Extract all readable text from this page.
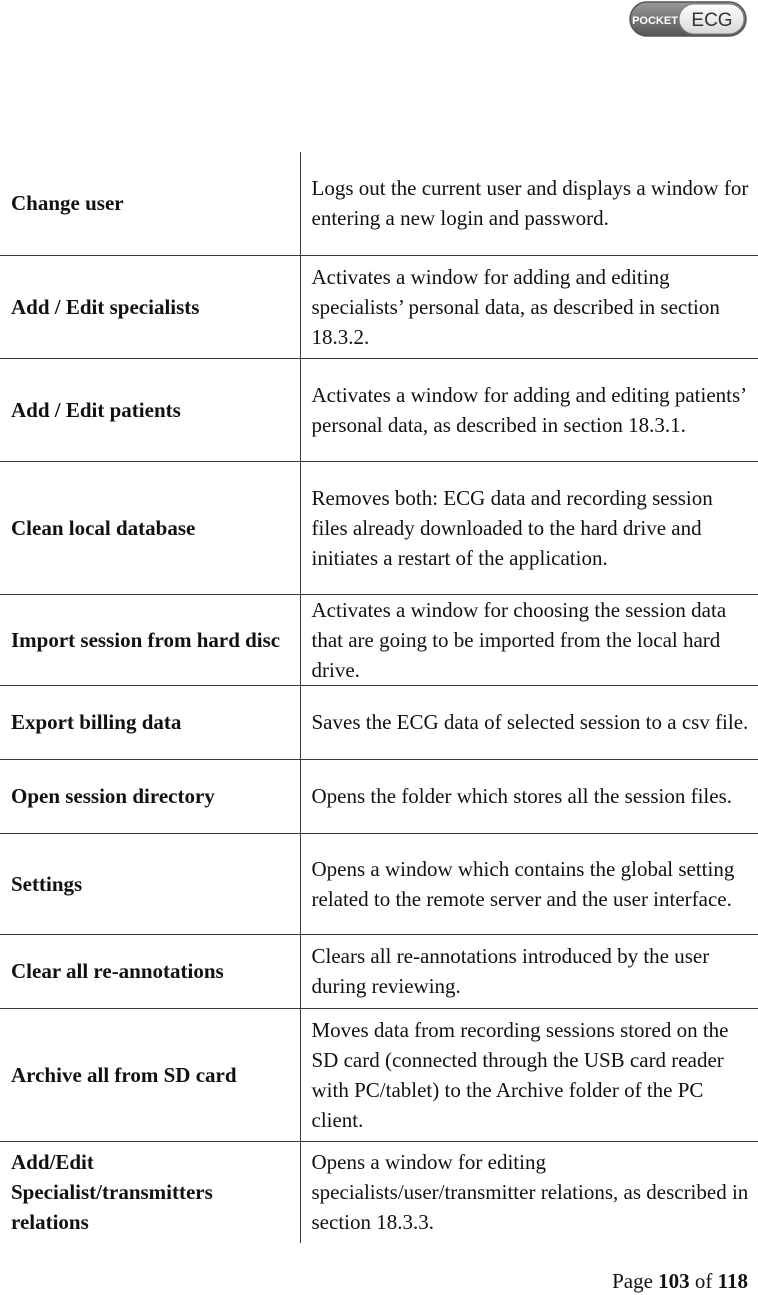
POCKET ECG
Change user	Logs out the current user and displays a window for entering a new login and password.
Add / Edit specialists	Activates a window for adding and editing specialists’ personal data, as described in section 18.3.2.
Add / Edit patients	Activates a window for adding and editing patients’ personal data, as described in section 18.3.1.
Clean local database	Removes both: ECG data and recording session files already downloaded to the hard drive and initiates a restart of the application.
Import session from hard disc	Activates a window for choosing the session data that are going to be imported from the local hard drive.
Export billing data	Saves the ECG data of selected session to a csv file.
Open session directory	Opens the folder which stores all the session files.
Settings	Opens a window which contains the global setting related to the remote server and the user interface.
Clear all re-annotations	Clears all re-annotations introduced by the user during reviewing.
Archive all from SD card	Moves data from recording sessions stored on the SD card (connected through the USB card reader with PC/tablet) to the Archive folder of the PC client.
Add/Edit Specialist/transmitters relations	Opens a window for editing specialists/user/transmitter relations, as described in section 18.3.3.
Page 103 of 118
